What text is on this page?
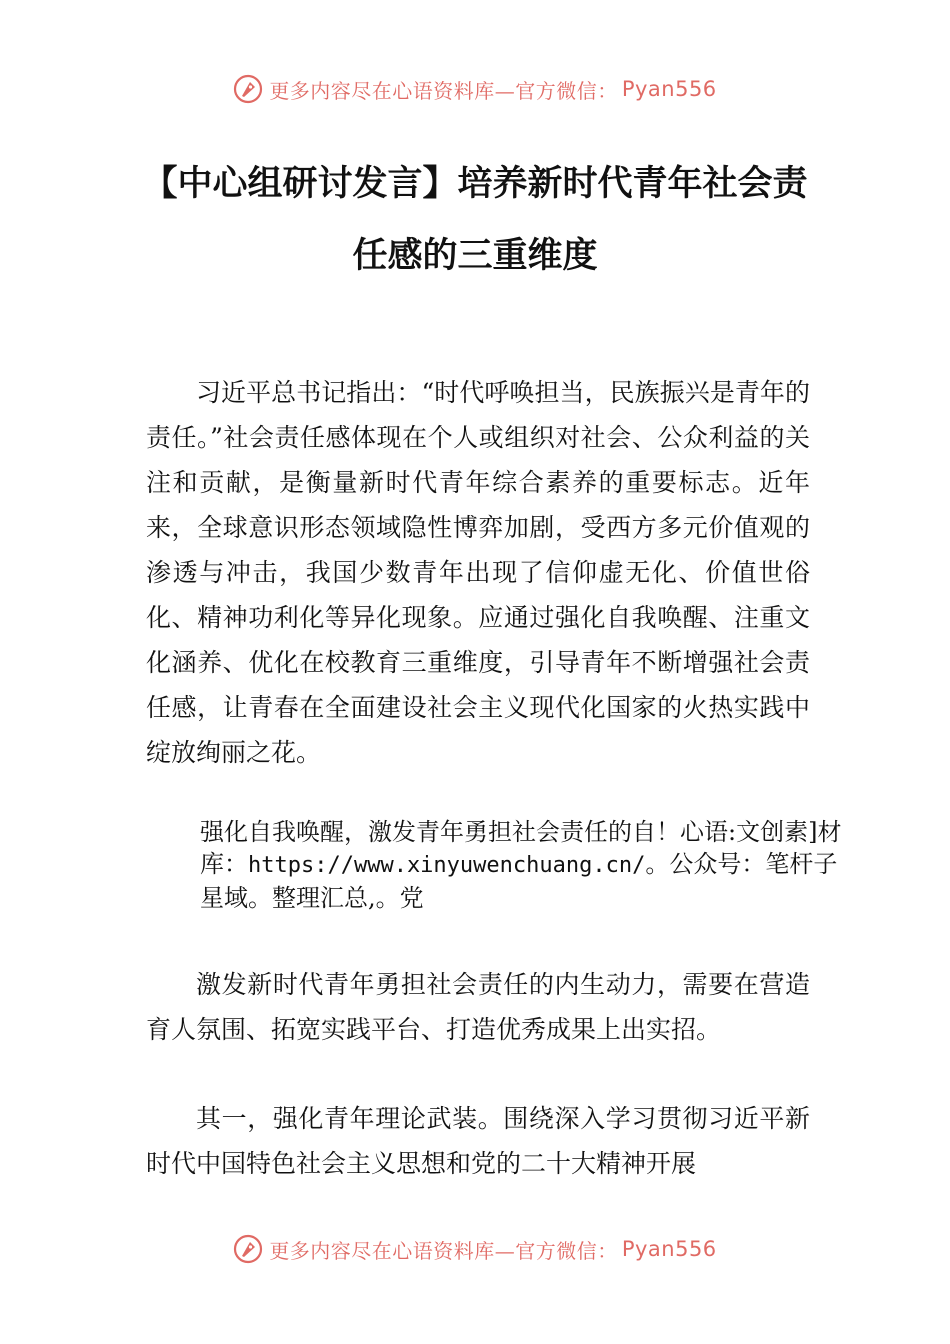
更多内容尽在心语资料库—官方微信： Pyan556
【中心组研讨发言】培养新时代青年社会责
任感的三重维度

习近平总书记指出：“时代呼唤担当，民族振兴是青年的责任。”社会责任感体现在个人或组织对社会、公众利益的关注和贡献，是衡量新时代青年综合素养的重要标志。近年来，全球意识形态领域隐性博弈加剧，受西方多元价值观的渗透与冲击，我国少数青年出现了信仰虚无化、价值世俗化、精神功利化等异化现象。应通过强化自我唤醒、注重文化涵养、优化在校教育三重维度，引导青年不断增强社会责任感，让青春在全面建设社会主义现代化国家的火热实践中绽放绚丽之花。

强化自我唤醒，激发青年勇担社会责任的自！心语:文创素]材库：https://www.xinyuwenchuang.cn/。公众号：笔杆子星域。整理汇总,。党

激发新时代青年勇担社会责任的内生动力，需要在营造育人氛围、拓宽实践平台、打造优秀成果上出实招。

其一，强化青年理论武装。围绕深入学习贯彻习近平新时代中国特色社会主义思想和党的二十大精神开展

更多内容尽在心语资料库—官方微信： Pyan556
